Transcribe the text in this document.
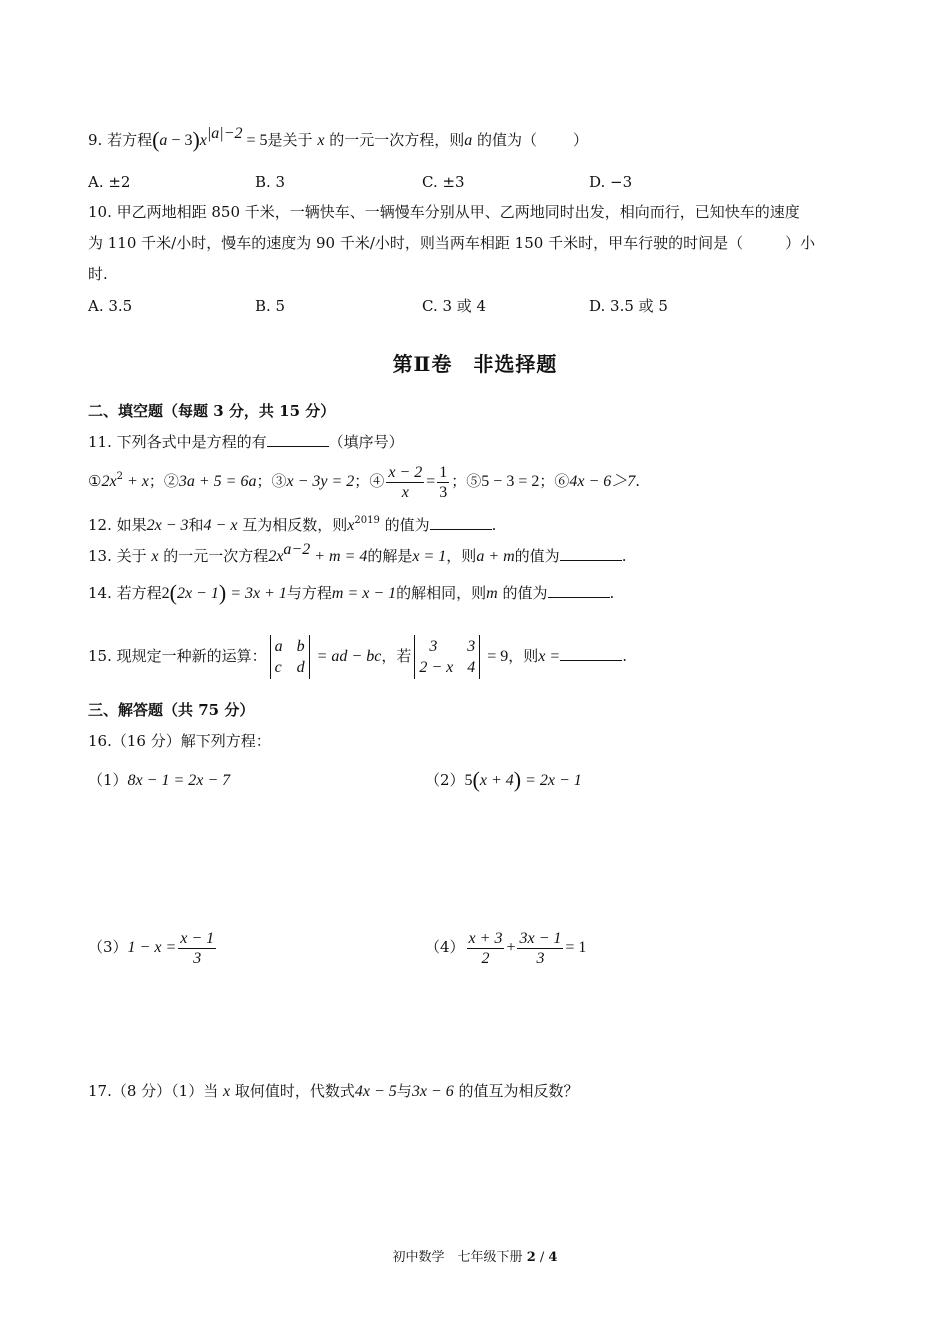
9. 若方程$(a - 3)x^{|a|-2} = 5$是关于 x 的一元一次方程，则a 的值为（ ）
A. ±2	B. 3	C. ±3	D. −3
10. 甲乙两地相距 850 千米，一辆快车、一辆慢车分别从甲、乙两地同时出发，相向而行，已知快车的速度
为 110 千米/小时，慢车的速度为 90 千米/小时，则当两车相距 150 千米时，甲车行驶的时间是（	）小
时.
A. 3.5	B. 5	C. 3 或 4	D. 3.5 或 5
第Ⅱ卷　非选择题
二、填空题（每题 3 分，共 15 分）
11. 下列各式中是方程的有	（填序号）
$①2x^2 + x$；②3a + 5 = 6a；③x − 3y = 2；④ $\frac{x - 2}{x} = \frac{1}{3}$ ；⑤5 − 3 = 2；⑥4x − 6＞7.
12. 如果2x − 3和4 − x 互为相反数，则$x^{2019}$ 的值为	.
13. 关于 x 的一元一次方程$2x^{a-2} + m = 4$的解是x = 1，则a + m的值为	.
14. 若方程2(2x − 1) = 3x + 1与方程m = x − 1的解相同，则m 的值为	.
15. 现规定一种新的运算：
a b
c d
= ad − bc，若
3 3
2 − x 4
= 9，则x =	.
三、解答题（共 75 分）
16.（16 分）解下列方程：
（1）8x − 1 = 2x − 7	（2）5(x + 4) = 2x − 1
$(3)1 - x = \frac{x - 1}{3}$	$(4) \frac{x + 3}{2} + \frac{3x - 1}{3} = 1$
17.（8 分）（1）当 x 取何值时，代数式4x − 5与3x − 6 的值互为相反数？
初中数学　七年级下册 2 / 4
